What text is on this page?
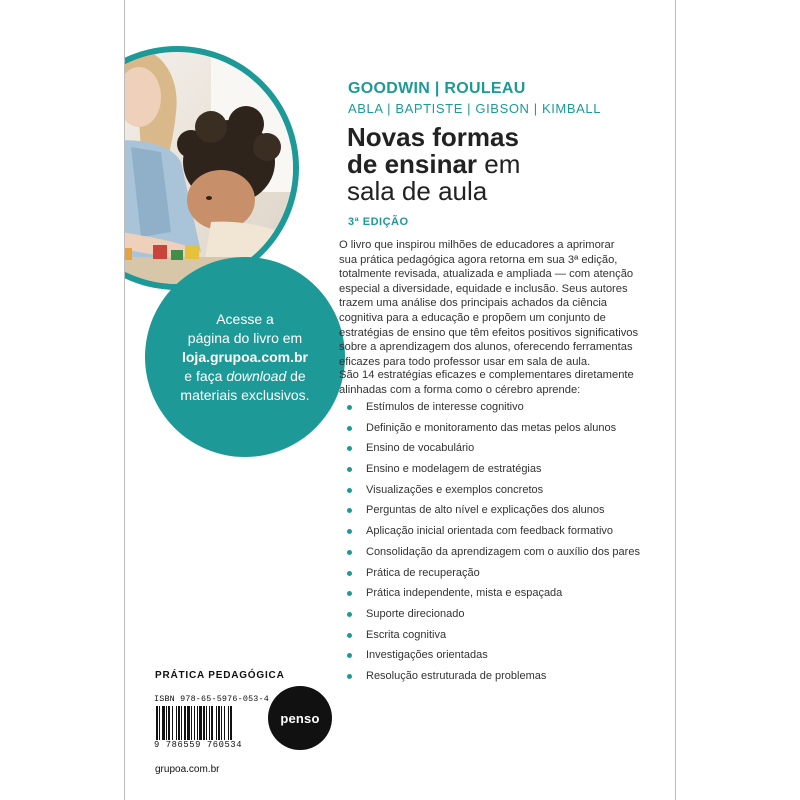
Acesse a
página do livro em
loja.grupoa.com.br
e faça download de
materiais exclusivos.
GOODWIN | ROULEAU
ABLA | BAPTISTE | GIBSON | KIMBALL
Novas formas
de ensinar em
sala de aula
3ª EDIÇÃO
O livro que inspirou milhões de educadores a aprimorar
sua prática pedagógica agora retorna em sua 3ª edição,
totalmente revisada, atualizada e ampliada — com atenção
especial a diversidade, equidade e inclusão. Seus autores
trazem uma análise dos principais achados da ciência
cognitiva para a educação e propõem um conjunto de
estratégias de ensino que têm efeitos positivos significativos
sobre a aprendizagem dos alunos, oferecendo ferramentas
eficazes para todo professor usar em sala de aula.
São 14 estratégias eficazes e complementares diretamente
alinhadas com a forma como o cérebro aprende:
Estímulos de interesse cognitivo
Definição e monitoramento das metas pelos alunos
Ensino de vocabulário
Ensino e modelagem de estratégias
Visualizações e exemplos concretos
Perguntas de alto nível e explicações dos alunos
Aplicação inicial orientada com feedback formativo
Consolidação da aprendizagem com o auxílio dos pares
Prática de recuperação
Prática independente, mista e espaçada
Suporte direcionado
Escrita cognitiva
Investigações orientadas
Resolução estruturada de problemas
PRÁTICA PEDAGÓGICA
ISBN 978-65-5976-053-4
9 786559 760534
grupoa.com.br
penso
